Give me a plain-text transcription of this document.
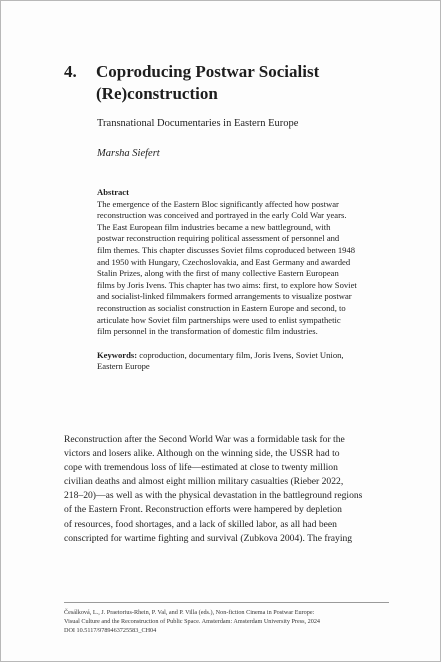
4. Coproducing Postwar Socialist
(Re)construction
Transnational Documentaries in Eastern Europe
Marsha Siefert

Abstract

The emergence of the Eastern Bloc significantly affected how postwar
reconstruction was conceived and portrayed in the early Cold War years.
The East European film industries became a new battleground, with
postwar reconstruction requiring political assessment of personnel and
film themes. This chapter discusses Soviet films coproduced between 1948
and 1950 with Hungary, Czechoslovakia, and East Germany and awarded
Stalin Prizes, along with the first of many collective Eastern European
films by Joris Ivens. This chapter has two aims: first, to explore how Soviet
and socialist-linked filmmakers formed arrangements to visualize postwar
reconstruction as socialist construction in Eastern Europe and second, to
articulate how Soviet film partnerships were used to enlist sympathetic
film personnel in the transformation of domestic film industries.

Keywords: coproduction, documentary film, Joris Ivens, Soviet Union,
Eastern Europe

Reconstruction after the Second World War was a formidable task for the
victors and losers alike. Although on the winning side, the USSR had to
cope with tremendous loss of life—estimated at close to twenty million
civilian deaths and almost eight million military casualties (Rieber 2022,
218–20)—as well as with the physical devastation in the battleground regions
of the Eastern Front. Reconstruction efforts were hampered by depletion
of resources, food shortages, and a lack of skilled labor, as all had been
conscripted for wartime fighting and survival (Zubkova 2004). The fraying

Česálková, L., J. Praetorius-Rhein, P. Val, and P. Villa (eds.), Non-fiction Cinema in Postwar Europe:
Visual Culture and the Reconstruction of Public Space. Amsterdam: Amsterdam University Press, 2024
DOI 10.5117/9789463725583_CH04
